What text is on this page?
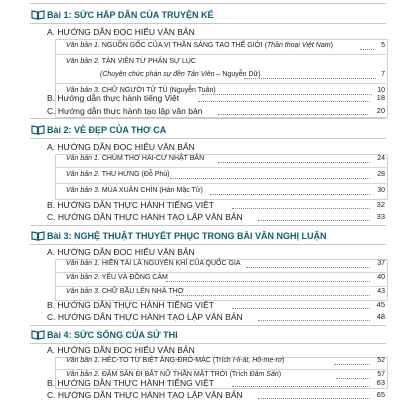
Bài 1: SỨC HẤP DẪN CỦA TRUYỆN KỂ
A. HƯỚNG DẪN ĐỌC HIỂU VĂN BẢN
Văn bản 1. NGUỒN GỐC CỦA VỊ THẦN SÁNG TẠO THẾ GIỚI (Thần thoại Việt Nam)	5
Văn bản 2. TẢN VIÊN TỪ PHÁN SỰ LỤC
(Chuyện chức phán sự đền Tản Viên – Nguyễn Dữ)	7
Văn bản 3. CHỮ NGƯỜI TỬ TÙ (Nguyễn Tuân)	10
B. Hướng dẫn thực hành tiếng Việt	18
C. Hướng dẫn thực hành tạo lập văn bản	20
Bài 2: VẺ ĐẸP CỦA THƠ CA
A. HƯỚNG DẪN ĐỌC HIỂU VĂN BẢN
Văn bản 1. CHÙM THƠ HAI-CƯ NHẬT BẢN	24
Văn bản 2. THU HỨNG (Đỗ Phủ)	28
Văn bản 3. MÙA XUÂN CHÍN (Hàn Mặc Tử)	30
B. HƯỚNG DẪN THỰC HÀNH TIẾNG VIỆT	32
C. HƯỚNG DẪN THỰC HÀNH TẠO LẬP VĂN BẢN	33
Bài 3: NGHỆ THUẬT THUYẾT PHỤC TRONG BÀI VĂN NGHỊ LUẬN
A. HƯỚNG DẪN ĐỌC HIỂU VĂN BẢN
Văn bản 1. HIỀN TÀI LÀ NGUYÊN KHÍ CỦA QUỐC GIA	37
Văn bản 2. YÊU VÀ ĐỒNG CẢM	40
Văn bản 3. CHỮ BẦU LÊN NHÀ THƠ	43
B. HƯỚNG DẪN THỰC HÀNH TIẾNG VIỆT	45
C. HƯỚNG DẪN THỰC HÀNH TẠO LẬP VĂN BẢN	48
Bài 4: SỨC SỐNG CỦA SỬ THI
A. HƯỚNG DẪN ĐỌC HIỂU VĂN BẢN
Văn bản 1. HÉC-TO TỪ BIỆT ĂNG-ĐRÔ-MÁC (Trích I-li-át, Hô-me-rơ)	52
Văn bản 2. ĐĂM SĂN ĐI BẮT NỮ THẦN MẶT TRỜI (Trích Đăm Săn)	57
B. HƯỚNG DẪN THỰC HÀNH TIẾNG VIỆT	63
C. HƯỚNG DẪN THỰC HÀNH TẠO LẬP VĂN BẢN	65
